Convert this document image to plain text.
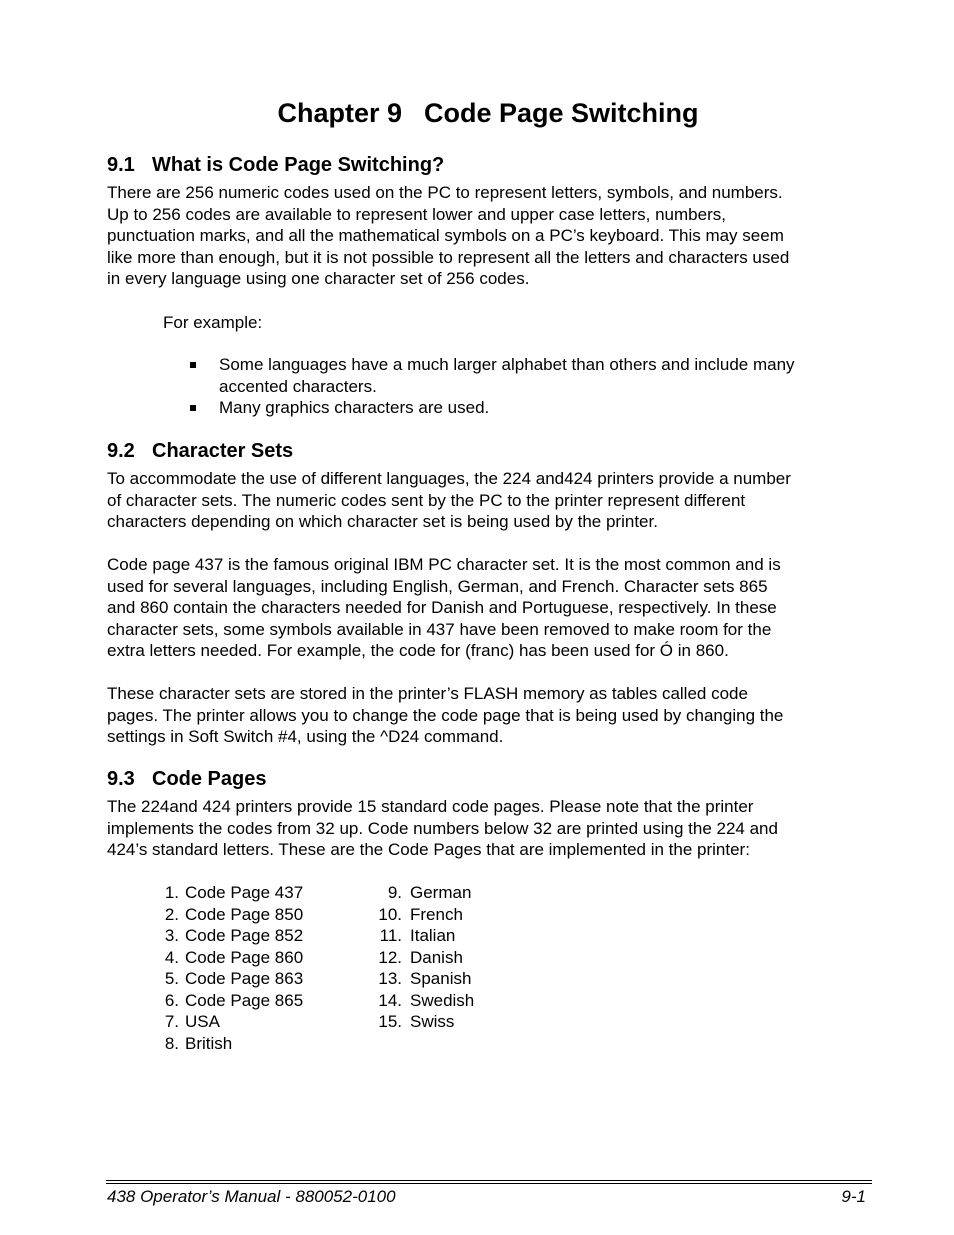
Chapter 9 Code Page Switching
9.1 What is Code Page Switching?

There are 256 numeric codes used on the PC to represent letters, symbols, and numbers.
Up to 256 codes are available to represent lower and upper case letters, numbers,
punctuation marks, and all the mathematical symbols on a PC’s keyboard. This may seem
like more than enough, but it is not possible to represent all the letters and characters used
in every language using one character set of 256 codes.

For example:
Some languages have a much larger alphabet than others and include many
accented characters.
Many graphics characters are used.
9.2 Character Sets

To accommodate the use of different languages, the 224 and424 printers provide a number
of character sets. The numeric codes sent by the PC to the printer represent different
characters depending on which character set is being used by the printer.

Code page 437 is the famous original IBM PC character set. It is the most common and is
used for several languages, including English, German, and French. Character sets 865
and 860 contain the characters needed for Danish and Portuguese, respectively. In these
character sets, some symbols available in 437 have been removed to make room for the
extra letters needed. For example, the code for (franc) has been used for Ó in 860.

These character sets are stored in the printer’s FLASH memory as tables called code
pages. The printer allows you to change the code page that is being used by changing the
settings in Soft Switch #4, using the ^D24 command.

9.3 Code Pages

The 224and 424 printers provide 15 standard code pages. Please note that the printer
implements the codes from 32 up. Code numbers below 32 are printed using the 224 and
424’s standard letters. These are the Code Pages that are implemented in the printer:

1. Code Page 437
2. Code Page 850
3. Code Page 852
4. Code Page 860
5. Code Page 863
6. Code Page 865
7. USA
8. British
9. German
10. French
11. Italian
12. Danish
13. Spanish
14. Swedish
15. Swiss
438 Operator’s Manual - 880052-0100	9-1
